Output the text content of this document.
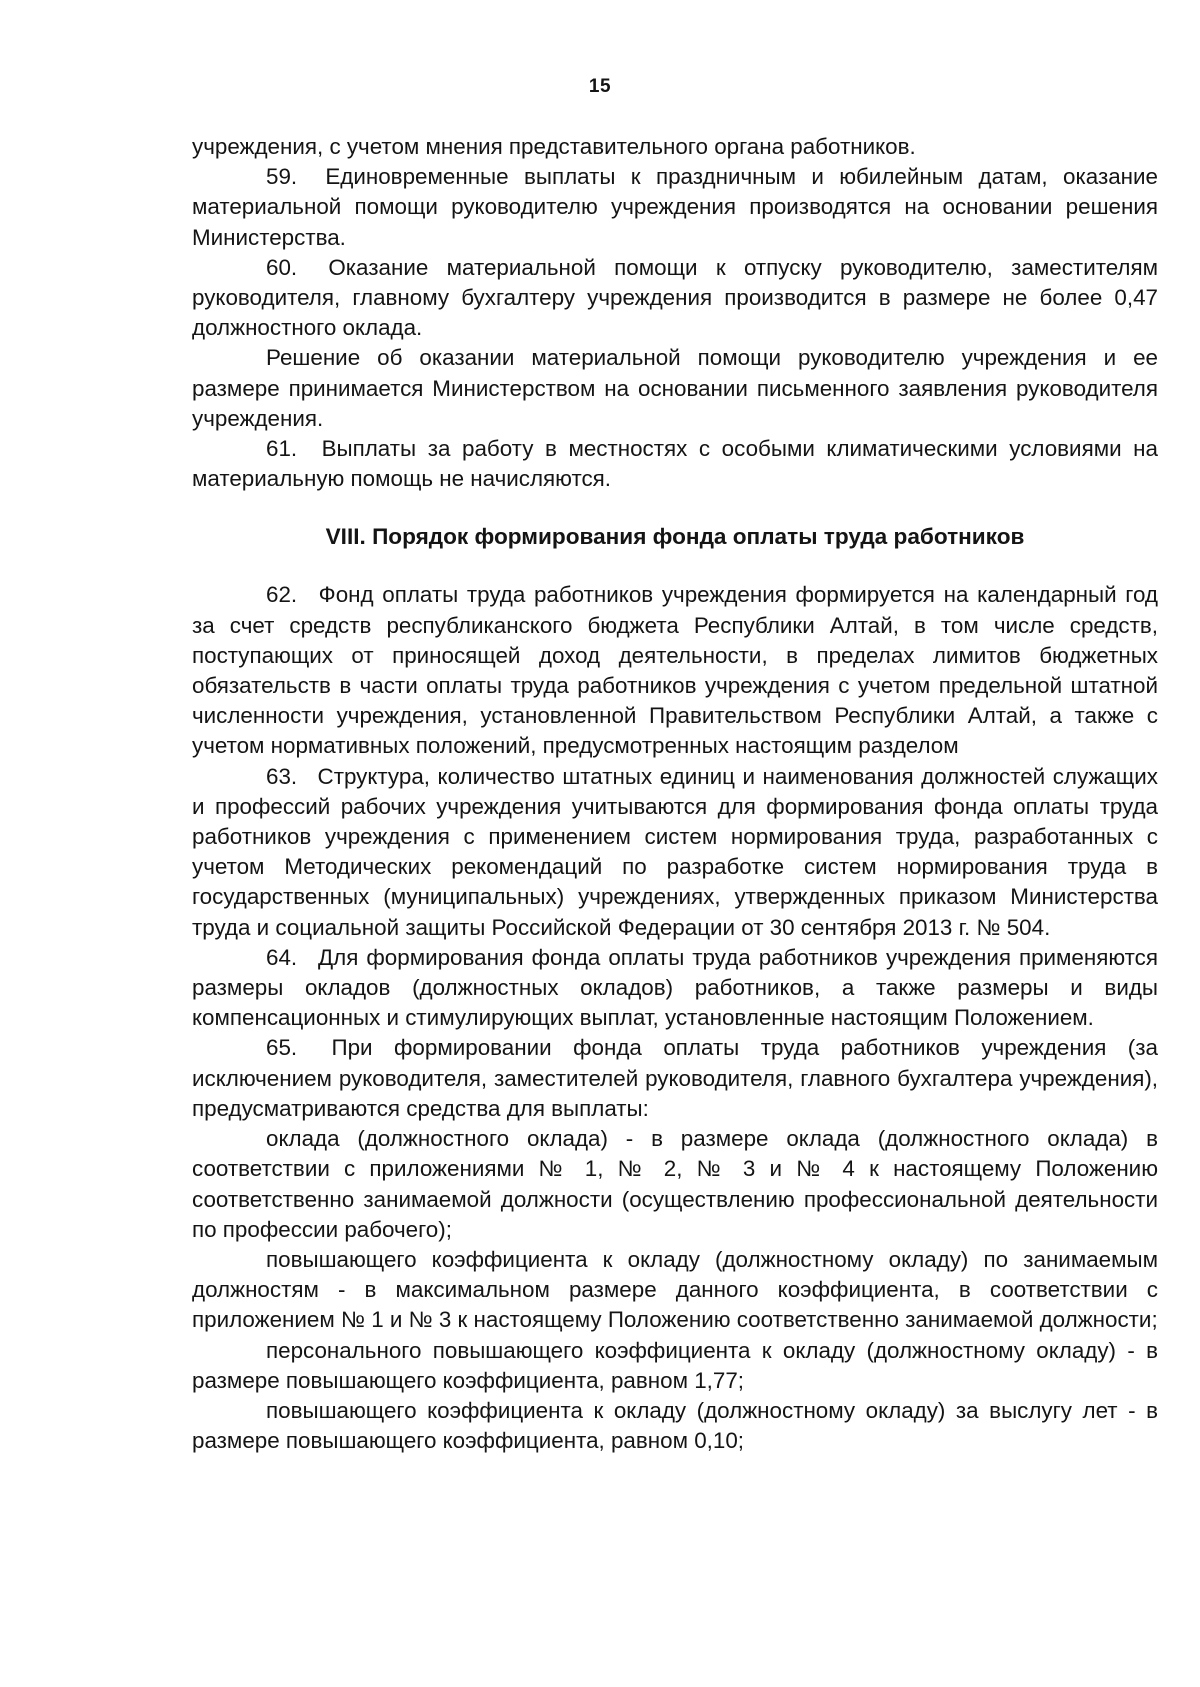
15

учреждения, с учетом мнения представительного органа работников.

59. Единовременные выплаты к праздничным и юбилейным датам, оказание материальной помощи руководителю учреждения производятся на основании решения Министерства.

60. Оказание материальной помощи к отпуску руководителю, заместителям руководителя, главному бухгалтеру учреждения производится в размере не более 0,47 должностного оклада.

Решение об оказании материальной помощи руководителю учреждения и ее размере принимается Министерством на основании письменного заявления руководителя учреждения.

61. Выплаты за работу в местностях с особыми климатическими условиями на материальную помощь не начисляются.

VIII. Порядок формирования фонда оплаты труда работников

62. Фонд оплаты труда работников учреждения формируется на календарный год за счет средств республиканского бюджета Республики Алтай, в том числе средств, поступающих от приносящей доход деятельности, в пределах лимитов бюджетных обязательств в части оплаты труда работников учреждения с учетом предельной штатной численности учреждения, установленной Правительством Республики Алтай, а также с учетом нормативных положений, предусмотренных настоящим разделом

63. Структура, количество штатных единиц и наименования должностей служащих и профессий рабочих учреждения учитываются для формирования фонда оплаты труда работников учреждения с применением систем нормирования труда, разработанных с учетом Методических рекомендаций по разработке систем нормирования труда в государственных (муниципальных) учреждениях, утвержденных приказом Министерства труда и социальной защиты Российской Федерации от 30 сентября 2013 г. № 504.

64. Для формирования фонда оплаты труда работников учреждения применяются размеры окладов (должностных окладов) работников, а также размеры и виды компенсационных и стимулирующих выплат, установленные настоящим Положением.

65. При формировании фонда оплаты труда работников учреждения (за исключением руководителя, заместителей руководителя, главного бухгалтера учреждения), предусматриваются средства для выплаты:

оклада (должностного оклада) - в размере оклада (должностного оклада) в соответствии с приложениями № 1, № 2, № 3 и № 4 к настоящему Положению соответственно занимаемой должности (осуществлению профессиональной деятельности по профессии рабочего);

повышающего коэффициента к окладу (должностному окладу) по занимаемым должностям - в максимальном размере данного коэффициента, в соответствии с приложением № 1 и № 3 к настоящему Положению соответственно занимаемой должности;

персонального повышающего коэффициента к окладу (должностному окладу) - в размере повышающего коэффициента, равном 1,77;

повышающего коэффициента к окладу (должностному окладу) за выслугу лет - в размере повышающего коэффициента, равном 0,10;
